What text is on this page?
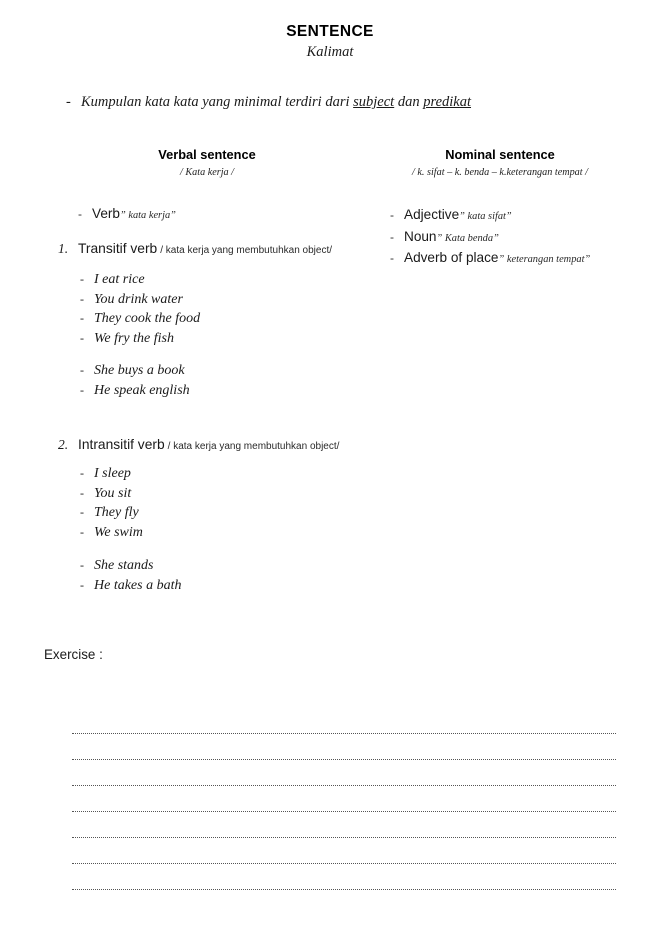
SENTENCE
Kalimat
- Kumpulan kata kata yang minimal terdiri dari subject dan predikat
Verbal sentence
/ Kata kerja /
Nominal sentence
/ k. sifat – k. benda – k.keterangan tempat /
- Verb” kata kerja”
1. Transitif verb / kata kerja yang membutuhkan object/
- I eat rice
- You drink water
- They cook the food
- We fry the fish
- She buys a book
- He speak english
2. Intransitif verb / kata kerja yang membutuhkan object/
- I sleep
- You sit
- They fly
- We swim
- She stands
- He takes a bath
- Adjective” kata sifat”
- Noun” Kata benda”
- Adverb of place” keterangan tempat”
Exercise :
